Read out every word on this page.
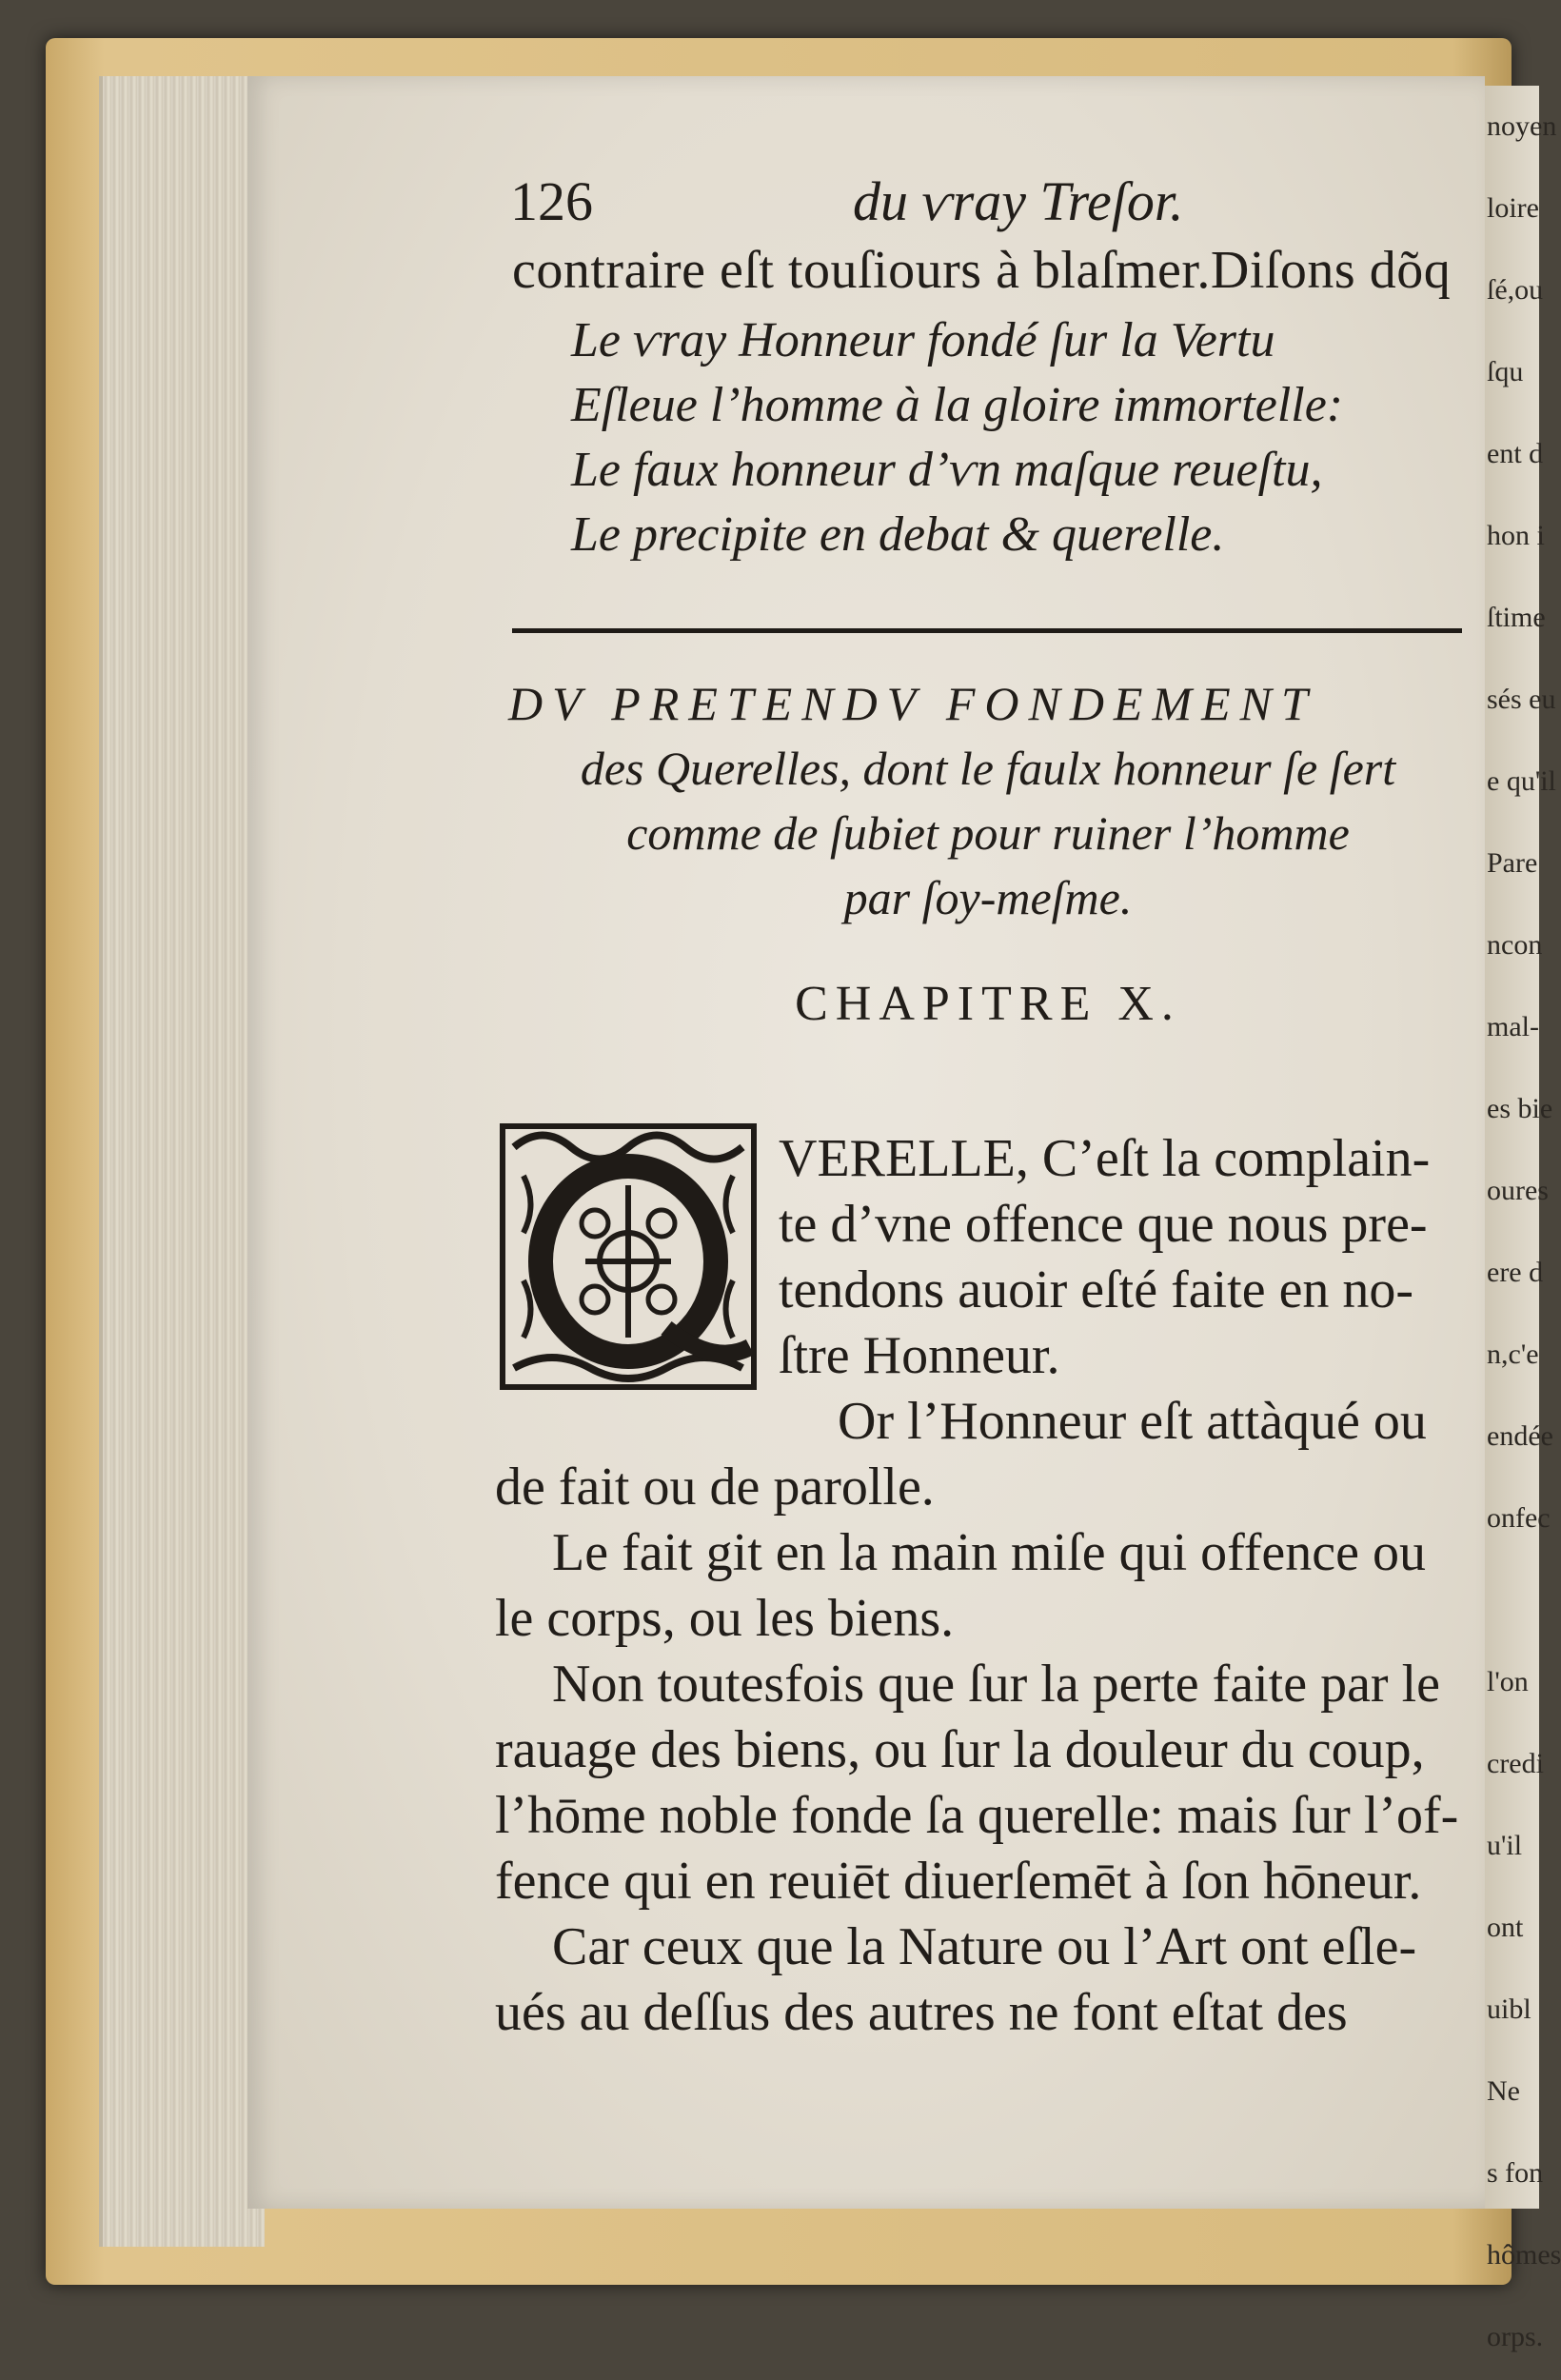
noyen
loire
ſé,ou
ſqu
ent d
hon i
ſtime
sés eu
e qu'il
Pare
ncon
mal-
es bie
oures
ere d
n,c'e
endée
onfec
l'on
credi
u'il
ont
uibl
Ne
s fon
hômes
orps.
126	du ѵray Treſor.
contraire eſt touſiours à blaſmer.Diſons dõq
Le ѵray Honneur fondé ſur la Vertu
Eſleue l’homme à la gloire immortelle:
Le faux honneur d’ѵn maſque reueſtu,
Le precipite en debat & querelle.
DV PRETENDV FONDEMENT
des Querelles, dont le faulx honneur ſe ſert
comme de ſubiet pour ruiner l’homme
par ſoy-meſme.
CHAPITRE X.
VERELLE, C’eſt la complain-
te d’vne offence que nous pre-
tendons auoir eſté faite en no-
ſtre Honneur.
Or l’Honneur eſt attàqué ou
de fait ou de parolle.
Le fait git en la main miſe qui offence ou
le corps, ou les biens.
Non toutesfois que ſur la perte faite par le
rauage des biens, ou ſur la douleur du coup,
l’hōme noble fonde ſa querelle: mais ſur l’of-
fence qui en reuiēt diuerſemēt à ſon hōneur.
Car ceux que la Nature ou l’Art ont eſle-
ués au deſſus des autres ne font eſtat des
